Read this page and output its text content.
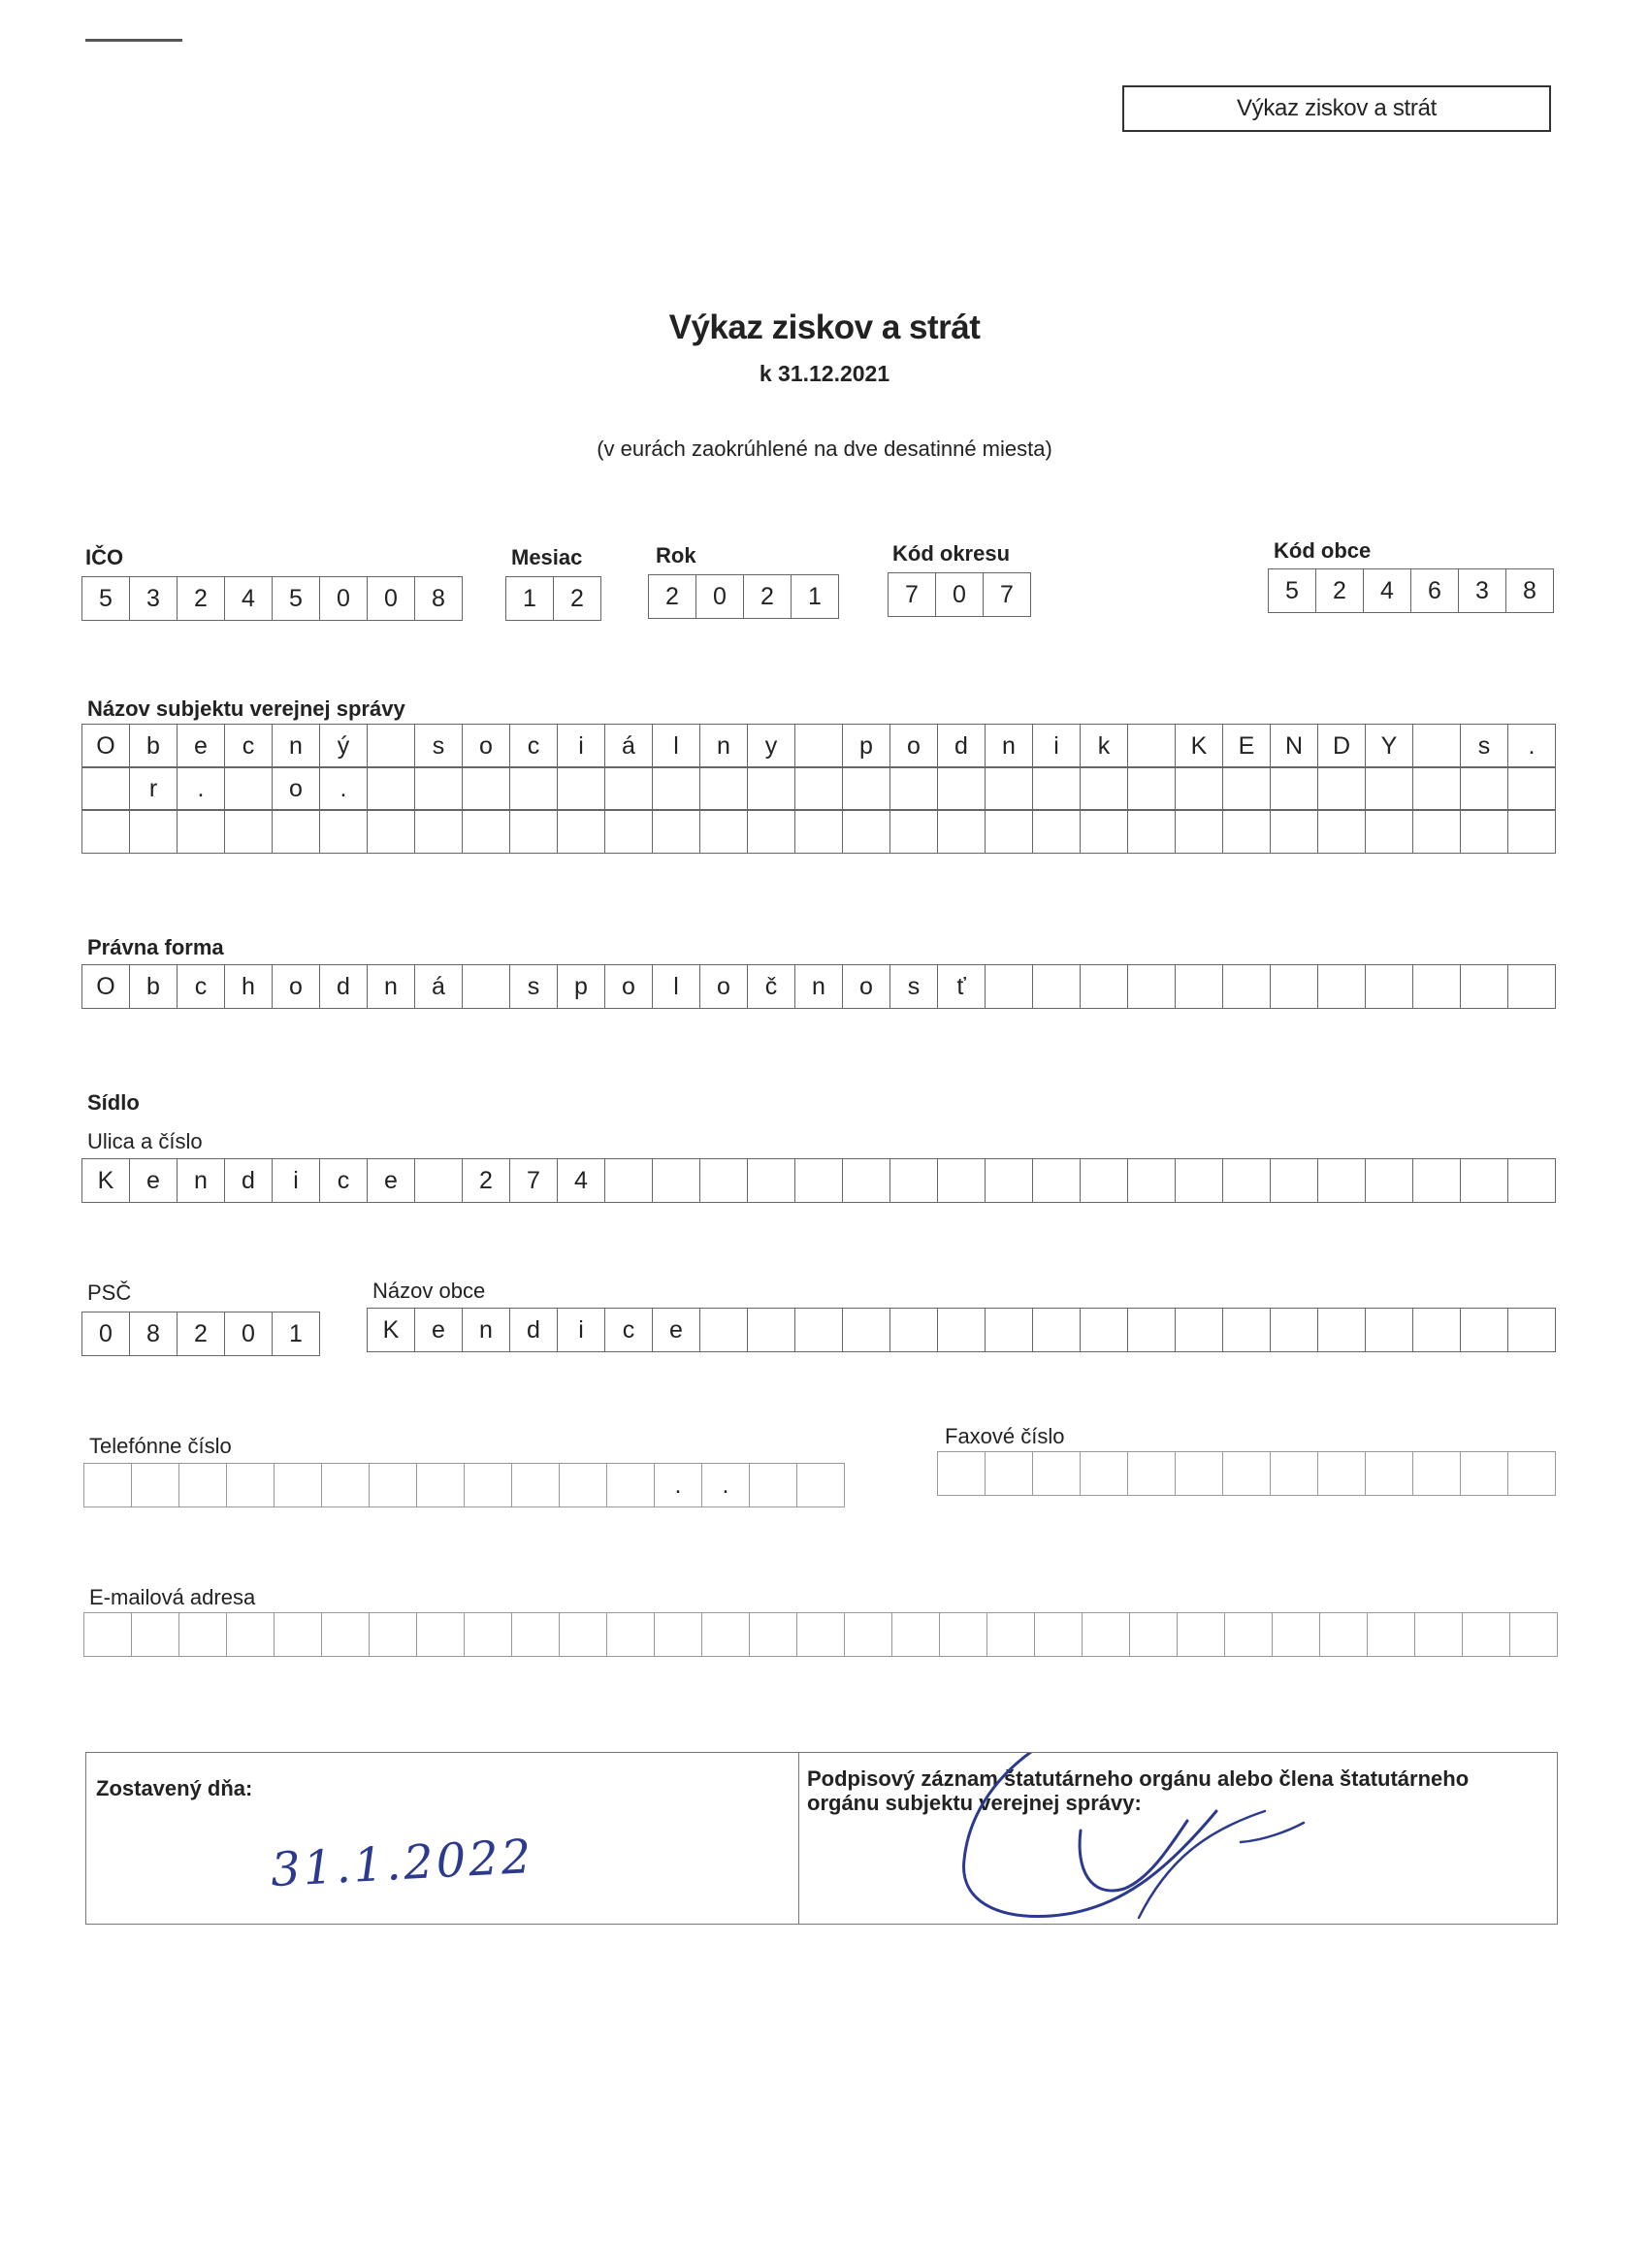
Výkaz ziskov a strát
Výkaz ziskov a strát
k 31.12.2021
(v eurách zaokrúhlené na dve desatinné miesta)
IČO
5	3	2	4	5	0	0	8
Mesiac
1	2
Rok
2	0	2	1
Kód okresu
7	0	7
Kód obce
5	2	4	6	3	8
Názov subjektu verejnej správy
O	b	e	c	n	ý	s	o	c	i	á	l	n	y	p	o	d	n	i	k	K	E	N	D	Y	s	.
r	.	o	.
Právna forma
O	b	c	h	o	d	n	á	s	p	o	l	o	č	n	o	s	ť
Sídlo
Ulica a číslo
K	e	n	d	i	c	e	2	7	4
PSČ
0	8	2	0	1
Názov obce
K	e	n	d	i	c	e
Telefónne číslo
.	.
Faxové číslo
E-mailová adresa
Zostavený dňa:
31.1.2022
Podpisový záznam štatutárneho orgánu alebo člena štatutárneho orgánu subjektu verejnej správy:
